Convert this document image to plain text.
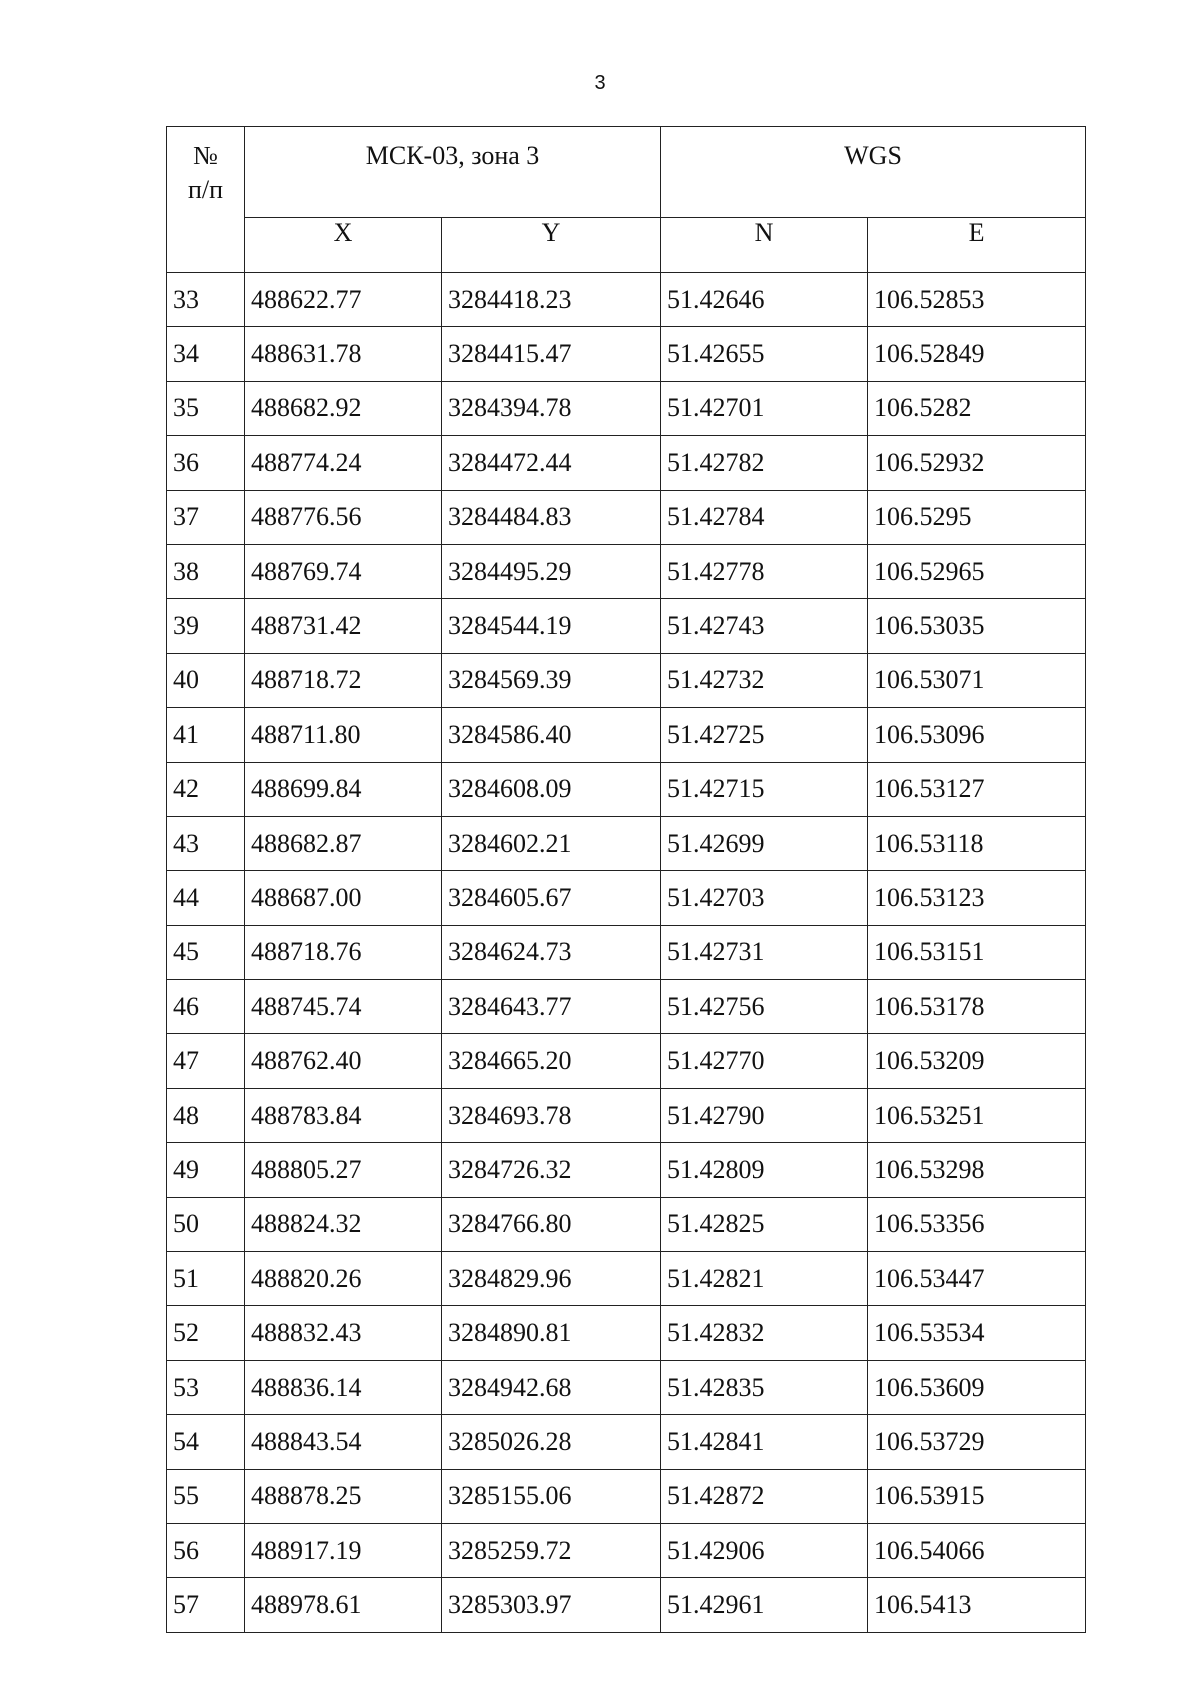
3
№
п/п	МСК-03, зона 3		WGS	
	X	Y	N	E
33	488622.77	3284418.23	51.42646	106.52853
34	488631.78	3284415.47	51.42655	106.52849
35	488682.92	3284394.78	51.42701	106.5282
36	488774.24	3284472.44	51.42782	106.52932
37	488776.56	3284484.83	51.42784	106.5295
38	488769.74	3284495.29	51.42778	106.52965
39	488731.42	3284544.19	51.42743	106.53035
40	488718.72	3284569.39	51.42732	106.53071
41	488711.80	3284586.40	51.42725	106.53096
42	488699.84	3284608.09	51.42715	106.53127
43	488682.87	3284602.21	51.42699	106.53118
44	488687.00	3284605.67	51.42703	106.53123
45	488718.76	3284624.73	51.42731	106.53151
46	488745.74	3284643.77	51.42756	106.53178
47	488762.40	3284665.20	51.42770	106.53209
48	488783.84	3284693.78	51.42790	106.53251
49	488805.27	3284726.32	51.42809	106.53298
50	488824.32	3284766.80	51.42825	106.53356
51	488820.26	3284829.96	51.42821	106.53447
52	488832.43	3284890.81	51.42832	106.53534
53	488836.14	3284942.68	51.42835	106.53609
54	488843.54	3285026.28	51.42841	106.53729
55	488878.25	3285155.06	51.42872	106.53915
56	488917.19	3285259.72	51.42906	106.54066
57	488978.61	3285303.97	51.42961	106.5413
